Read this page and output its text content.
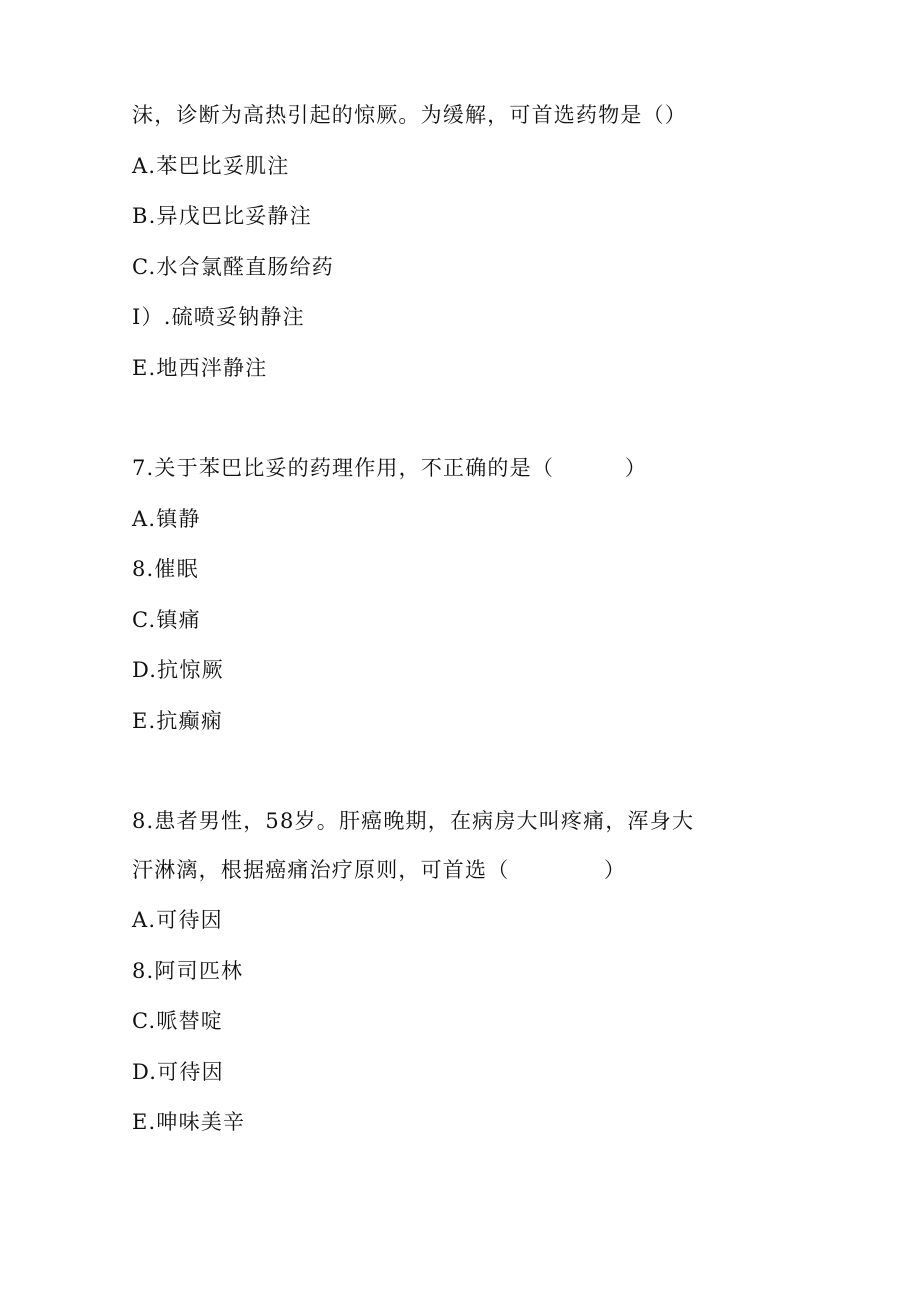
沫，诊断为高热引起的惊厥。为缓解，可首选药物是（）
A.苯巴比妥肌注
B.异戊巴比妥静注
C.水合氯醛直肠给药
I）.硫喷妥钠静注
E.地西泮静注
7.关于苯巴比妥的药理作用，不正确的是（         ）
A.镇静
8.催眠
C.镇痛
D.抗惊厥
E.抗癫痫
8.患者男性，58岁。肝癌晚期，在病房大叫疼痛，浑身大
汗淋漓，根据癌痛治疗原则，可首选（            ）
A.可待因
8.阿司匹林
C.哌替啶
D.可待因
E.呻味美辛
